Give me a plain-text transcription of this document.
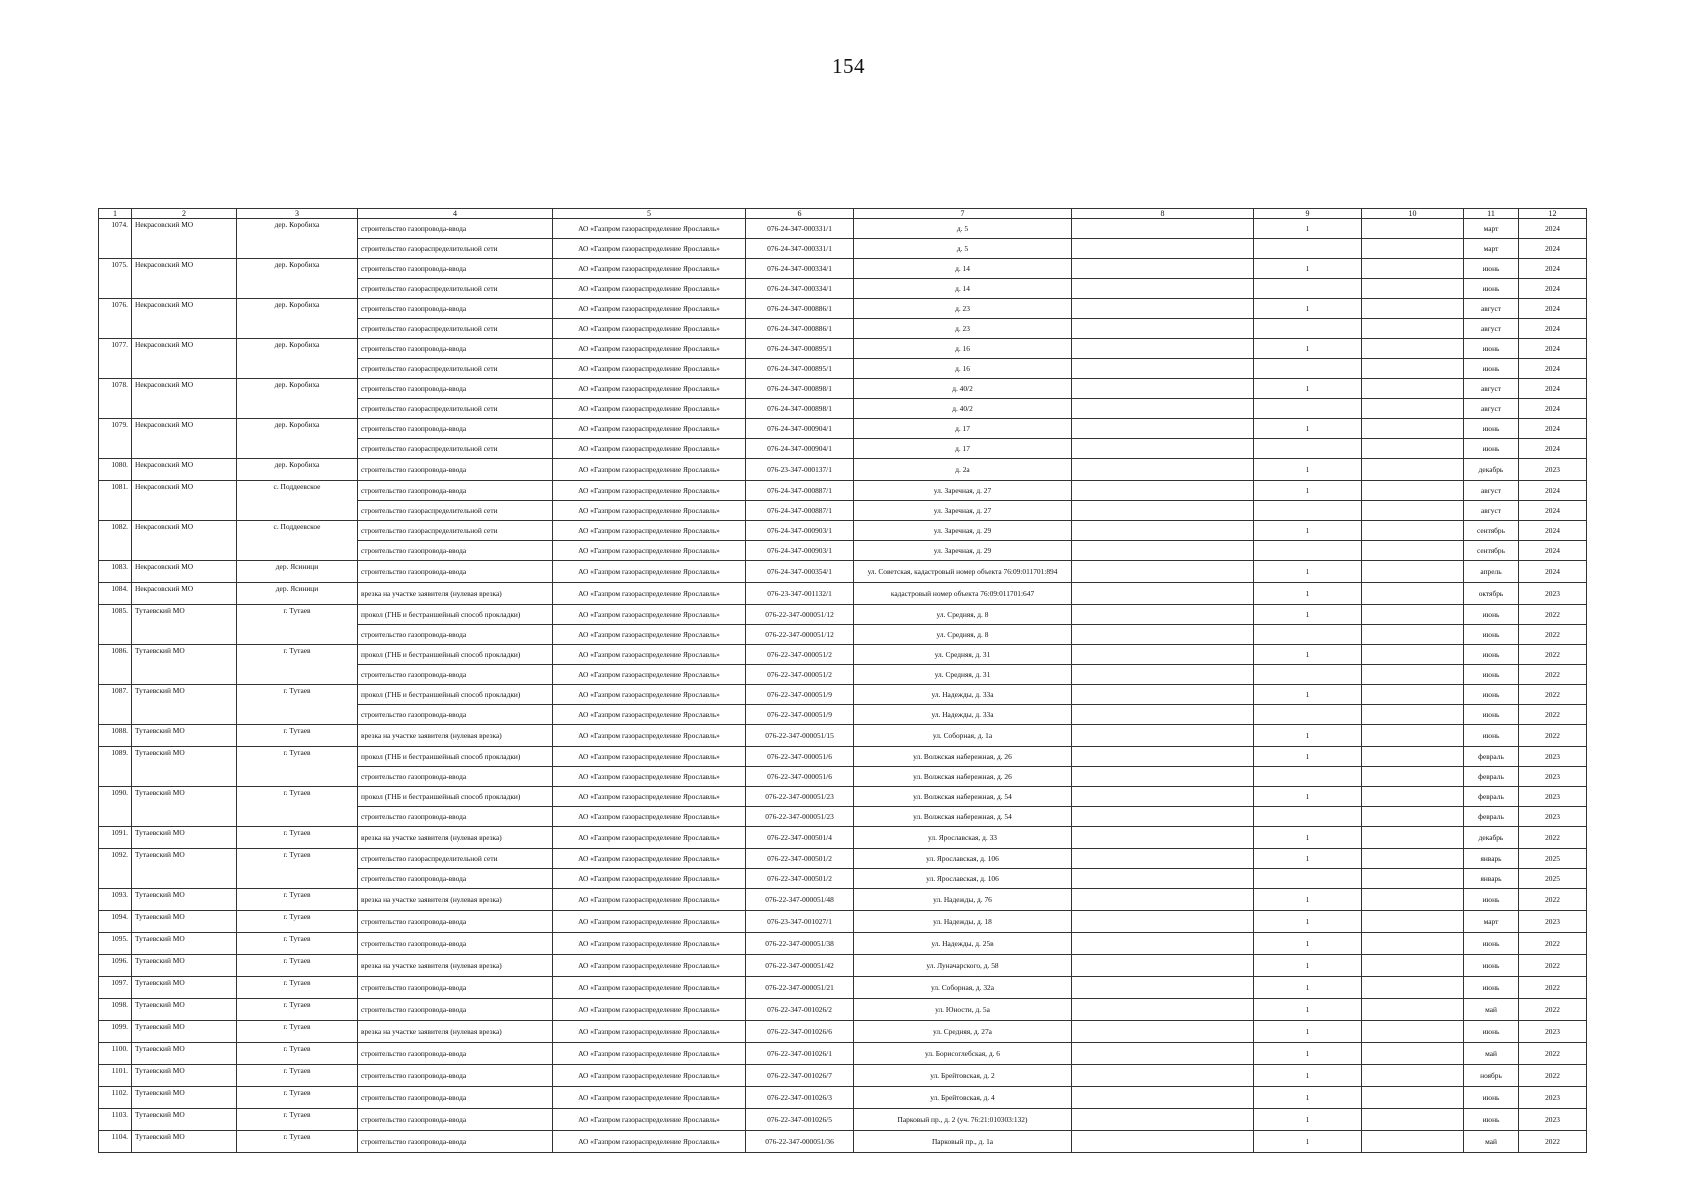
154
1	2	3	4	5	6	7	8	9	10	11	12
1074.	Некрасовский МО	дер. Коробиха	строительство газопровода-ввода	АО «Газпром газораспределение Ярославль»	076-24-347-000331/1	д. 5		1		март	2024
			строительство газораспределительной сети	АО «Газпром газораспределение Ярославль»	076-24-347-000331/1	д. 5				март	2024
1075.	Некрасовский МО	дер. Коробиха	строительство газопровода-ввода	АО «Газпром газораспределение Ярославль»	076-24-347-000334/1	д. 14		1		июнь	2024
			строительство газораспределительной сети	АО «Газпром газораспределение Ярославль»	076-24-347-000334/1	д. 14				июнь	2024
1076.	Некрасовский МО	дер. Коробиха	строительство газопровода-ввода	АО «Газпром газораспределение Ярославль»	076-24-347-000886/1	д. 23		1		август	2024
			строительство газораспределительной сети	АО «Газпром газораспределение Ярославль»	076-24-347-000886/1	д. 23				август	2024
1077.	Некрасовский МО	дер. Коробиха	строительство газопровода-ввода	АО «Газпром газораспределение Ярославль»	076-24-347-000895/1	д. 16		1		июнь	2024
			строительство газораспределительной сети	АО «Газпром газораспределение Ярославль»	076-24-347-000895/1	д. 16				июнь	2024
1078.	Некрасовский МО	дер. Коробиха	строительство газопровода-ввода	АО «Газпром газораспределение Ярославль»	076-24-347-000898/1	д. 40/2		1		август	2024
			строительство газораспределительной сети	АО «Газпром газораспределение Ярославль»	076-24-347-000898/1	д. 40/2				август	2024
1079.	Некрасовский МО	дер. Коробиха	строительство газопровода-ввода	АО «Газпром газораспределение Ярославль»	076-24-347-000904/1	д. 17		1		июнь	2024
			строительство газораспределительной сети	АО «Газпром газораспределение Ярославль»	076-24-347-000904/1	д. 17				июнь	2024
1080.	Некрасовский МО	дер. Коробиха	строительство газопровода-ввода	АО «Газпром газораспределение Ярославль»	076-23-347-000137/1	д. 2а		1		декабрь	2023
1081.	Некрасовский МО	с. Поддеевское	строительство газопровода-ввода	АО «Газпром газораспределение Ярославль»	076-24-347-000887/1	ул. Заречная, д. 27		1		август	2024
			строительство газораспределительной сети	АО «Газпром газораспределение Ярославль»	076-24-347-000887/1	ул. Заречная, д. 27				август	2024
1082.	Некрасовский МО	с. Поддеевское	строительство газораспределительной сети	АО «Газпром газораспределение Ярославль»	076-24-347-000903/1	ул. Заречная, д. 29		1		сентябрь	2024
			строительство газопровода-ввода	АО «Газпром газораспределение Ярославль»	076-24-347-000903/1	ул. Заречная, д. 29				сентябрь	2024
1083.	Некрасовский МО	дер. Ясиници	строительство газопровода-ввода	АО «Газпром газораспределение Ярославль»	076-24-347-000354/1	ул. Советская, кадастровый номер объекта 76:09:011701:894		1		апрель	2024
1084.	Некрасовский МО	дер. Ясиници	врезка на участке заявителя (нулевая врезка)	АО «Газпром газораспределение Ярославль»	076-23-347-001132/1	кадастровый номер объекта 76:09:011701:647		1		октябрь	2023
1085.	Тутаевский МО	г. Тутаев	прокол (ГНБ и бестраншейный способ прокладки)	АО «Газпром газораспределение Ярославль»	076-22-347-000051/12	ул. Средняя, д. 8		1		июнь	2022
			строительство газопровода-ввода	АО «Газпром газораспределение Ярославль»	076-22-347-000051/12	ул. Средняя, д. 8				июнь	2022
1086.	Тутаевский МО	г. Тутаев	прокол (ГНБ и бестраншейный способ прокладки)	АО «Газпром газораспределение Ярославль»	076-22-347-000051/2	ул. Средняя, д. 31		1		июнь	2022
			строительство газопровода-ввода	АО «Газпром газораспределение Ярославль»	076-22-347-000051/2	ул. Средняя, д. 31				июнь	2022
1087.	Тутаевский МО	г. Тутаев	прокол (ГНБ и бестраншейный способ прокладки)	АО «Газпром газораспределение Ярославль»	076-22-347-000051/9	ул. Надежды, д. 33а		1		июнь	2022
			строительство газопровода-ввода	АО «Газпром газораспределение Ярославль»	076-22-347-000051/9	ул. Надежды, д. 33а				июнь	2022
1088.	Тутаевский МО	г. Тутаев	врезка на участке заявителя (нулевая врезка)	АО «Газпром газораспределение Ярославль»	076-22-347-000051/15	ул. Соборная, д. 1а		1		июнь	2022
1089.	Тутаевский МО	г. Тутаев	прокол (ГНБ и бестраншейный способ прокладки)	АО «Газпром газораспределение Ярославль»	076-22-347-000051/6	ул. Волжская набережная, д. 26		1		февраль	2023
			строительство газопровода-ввода	АО «Газпром газораспределение Ярославль»	076-22-347-000051/6	ул. Волжская набережная, д. 26				февраль	2023
1090.	Тутаевский МО	г. Тутаев	прокол (ГНБ и бестраншейный способ прокладки)	АО «Газпром газораспределение Ярославль»	076-22-347-000051/23	ул. Волжская набережная, д. 54		1		февраль	2023
			строительство газопровода-ввода	АО «Газпром газораспределение Ярославль»	076-22-347-000051/23	ул. Волжская набережная, д. 54				февраль	2023
1091.	Тутаевский МО	г. Тутаев	врезка на участке заявителя (нулевая врезка)	АО «Газпром газораспределение Ярославль»	076-22-347-000501/4	ул. Ярославская, д. 33		1		декабрь	2022
1092.	Тутаевский МО	г. Тутаев	строительство газораспределительной сети	АО «Газпром газораспределение Ярославль»	076-22-347-000501/2	ул. Ярославская, д. 106		1		январь	2025
			строительство газопровода-ввода	АО «Газпром газораспределение Ярославль»	076-22-347-000501/2	ул. Ярославская, д. 106				январь	2025
1093.	Тутаевский МО	г. Тутаев	врезка на участке заявителя (нулевая врезка)	АО «Газпром газораспределение Ярославль»	076-22-347-000051/48	ул. Надежды, д. 76		1		июнь	2022
1094.	Тутаевский МО	г. Тутаев	строительство газопровода-ввода	АО «Газпром газораспределение Ярославль»	076-23-347-001027/1	ул. Надежды, д. 18		1		март	2023
1095.	Тутаевский МО	г. Тутаев	строительство газопровода-ввода	АО «Газпром газораспределение Ярославль»	076-22-347-000051/38	ул. Надежды, д. 25в		1		июнь	2022
1096.	Тутаевский МО	г. Тутаев	врезка на участке заявителя (нулевая врезка)	АО «Газпром газораспределение Ярославль»	076-22-347-000051/42	ул. Луначарского, д. 58		1		июнь	2022
1097.	Тутаевский МО	г. Тутаев	строительство газопровода-ввода	АО «Газпром газораспределение Ярославль»	076-22-347-000051/21	ул. Соборная, д. 32а		1		июнь	2022
1098.	Тутаевский МО	г. Тутаев	строительство газопровода-ввода	АО «Газпром газораспределение Ярославль»	076-22-347-001026/2	ул. Юности, д. 5а		1		май	2022
1099.	Тутаевский МО	г. Тутаев	врезка на участке заявителя (нулевая врезка)	АО «Газпром газораспределение Ярославль»	076-22-347-001026/6	ул. Средняя, д. 27а		1		июнь	2023
1100.	Тутаевский МО	г. Тутаев	строительство газопровода-ввода	АО «Газпром газораспределение Ярославль»	076-22-347-001026/1	ул. Борисоглебская, д. 6		1		май	2022
1101.	Тутаевский МО	г. Тутаев	строительство газопровода-ввода	АО «Газпром газораспределение Ярославль»	076-22-347-001026/7	ул. Брейтовская, д. 2		1		ноябрь	2022
1102.	Тутаевский МО	г. Тутаев	строительство газопровода-ввода	АО «Газпром газораспределение Ярославль»	076-22-347-001026/3	ул. Брейтовская, д. 4		1		июнь	2023
1103.	Тутаевский МО	г. Тутаев	строительство газопровода-ввода	АО «Газпром газораспределение Ярославль»	076-22-347-001026/5	Парковый пр., д. 2 (уч. 76:21:010303:132)		1		июнь	2023
1104.	Тутаевский МО	г. Тутаев	строительство газопровода-ввода	АО «Газпром газораспределение Ярославль»	076-22-347-000051/36	Парковый пр., д. 1а		1		май	2022
